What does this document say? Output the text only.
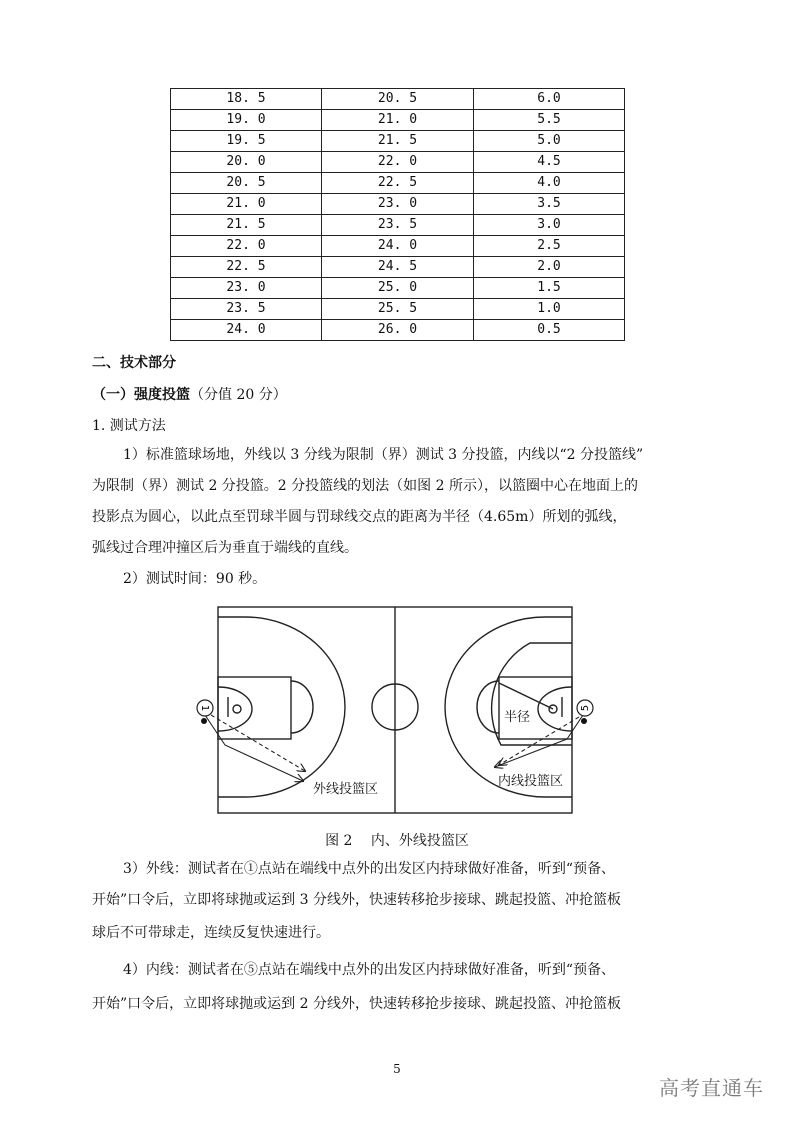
18. 5	20. 5	6.0
19. 0	21. 0	5.5
19. 5	21. 5	5.0
20. 0	22. 0	4.5
20. 5	22. 5	4.0
21. 0	23. 0	3.5
21. 5	23. 5	3.0
22. 0	24. 0	2.5
22. 5	24. 5	2.0
23. 0	25. 0	1.5
23. 5	25. 5	1.0
24. 0	26. 0	0.5
二、技术部分
（一）强度投篮（分值 20 分）
1. 测试方法
1）标准篮球场地，外线以 3 分线为限制（界）测试 3 分投篮，内线以“2 分投篮线”
为限制（界）测试 2 分投篮。2 分投篮线的划法（如图 2 所示），以篮圈中心在地面上的
投影点为圆心，以此点至罚球半圆与罚球线交点的距离为半径（4.65m）所划的弧线，
弧线过合理冲撞区后为垂直于端线的直线。
2）测试时间：90 秒。
1	5
半径
外线投篮区
内线投篮区
图 2　 内、外线投篮区
3）外线：测试者在①点站在端线中点外的出发区内持球做好准备，听到“预备、
开始”口令后，立即将球抛或运到 3 分线外，快速转移抢步接球、跳起投篮、冲抢篮板
球后不可带球走，连续反复快速进行。
4）内线：测试者在⑤点站在端线中点外的出发区内持球做好准备，听到“预备、
开始”口令后，立即将球抛或运到 2 分线外，快速转移抢步接球、跳起投篮、冲抢篮板
5
高考直通车
